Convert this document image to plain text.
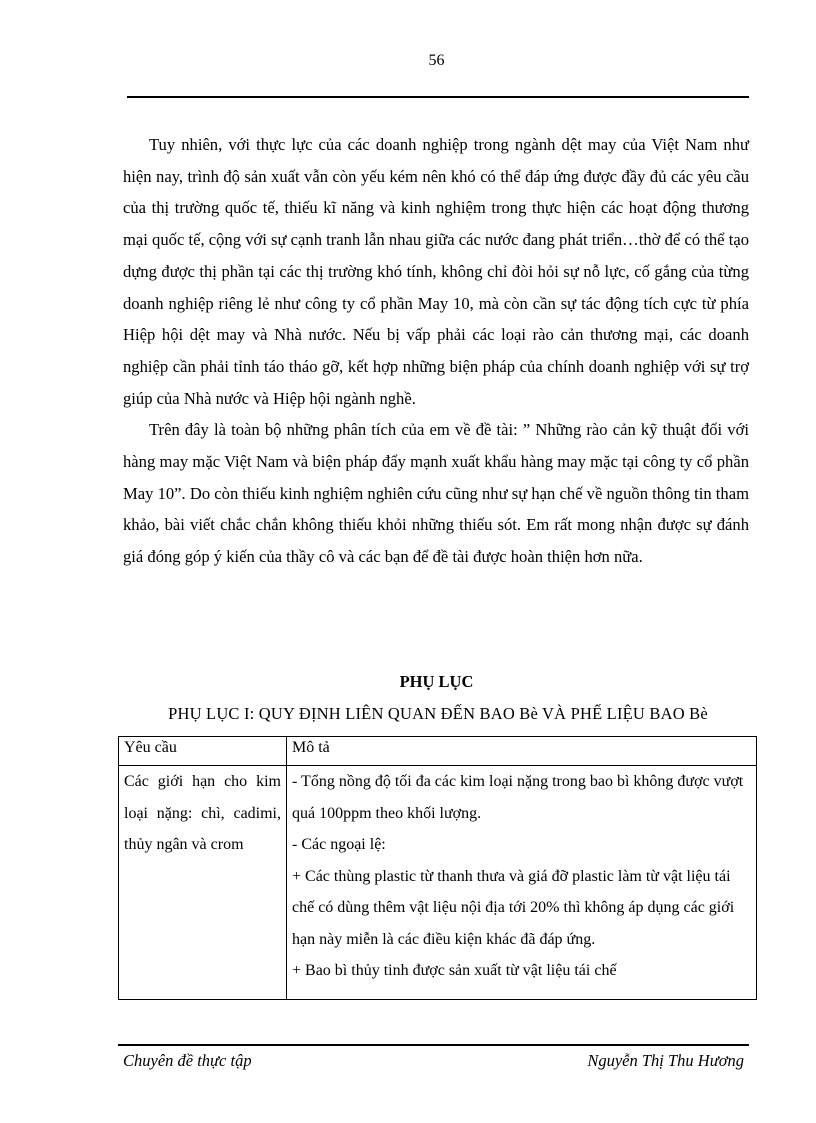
56

Tuy nhiên, với thực lực của các doanh nghiệp trong ngành dệt may của Việt Nam như hiện nay, trình độ sản xuất vẫn còn yếu kém nên khó có thể đáp ứng được đầy đủ các yêu cầu của thị trường quốc tế, thiếu kĩ năng và kinh nghiệm trong thực hiện các hoạt động thương mại quốc tế, cộng với sự cạnh tranh lẫn nhau giữa các nước đang phát triển…thờ để có thể tạo dựng được thị phần tại các thị trường khó tính, không chỉ đòi hỏi sự nỗ lực, cố gắng của từng doanh nghiệp riêng lẻ như công ty cổ phần May 10, mà còn cần sự tác động tích cực từ phía Hiệp hội dệt may và Nhà nước. Nếu bị vấp phải các loại rào cản thương mại, các doanh nghiệp cần phải tỉnh táo tháo gỡ, kết hợp những biện pháp của chính doanh nghiệp với sự trợ giúp của Nhà nước và Hiệp hội ngành nghề.

Trên đây là toàn bộ những phân tích của em về đề tài: ” Những rào cản kỹ thuật đối với hàng may mặc Việt Nam và biện pháp đẩy mạnh xuất khẩu hàng may mặc tại công ty cổ phần May 10”. Do còn thiếu kinh nghiệm nghiên cứu cũng như sự hạn chế về nguồn thông tin tham khảo, bài viết chắc chắn không thiếu khỏi những thiếu sót. Em rất mong nhận được sự đánh giá đóng góp ý kiến của thầy cô và các bạn để đề tài được hoàn thiện hơn nữa.

PHỤ LỤC
PHỤ LỤC I: QUY ĐỊNH LIÊN QUAN ĐẾN BAO Bè VÀ PHẾ LIỆU BAO Bè
Yêu cầu	Mô tả
Các giới hạn cho kim loại nặng: chì, cadimi, thủy ngân và crom	- Tổng nồng độ tối đa các kim loại nặng trong bao bì không được vượt quá 100ppm theo khối lượng.
- Các ngoại lệ:
+ Các thùng plastic từ thanh thưa và giá đỡ plastic làm từ vật liệu tái chế có dùng thêm vật liệu nội địa tới 20% thì không áp dụng các giới hạn này miễn là các điều kiện khác đã đáp ứng.
+ Bao bì thủy tinh được sản xuất từ vật liệu tái chế
Chuyên đề thực tập	Nguyễn Thị Thu Hương
